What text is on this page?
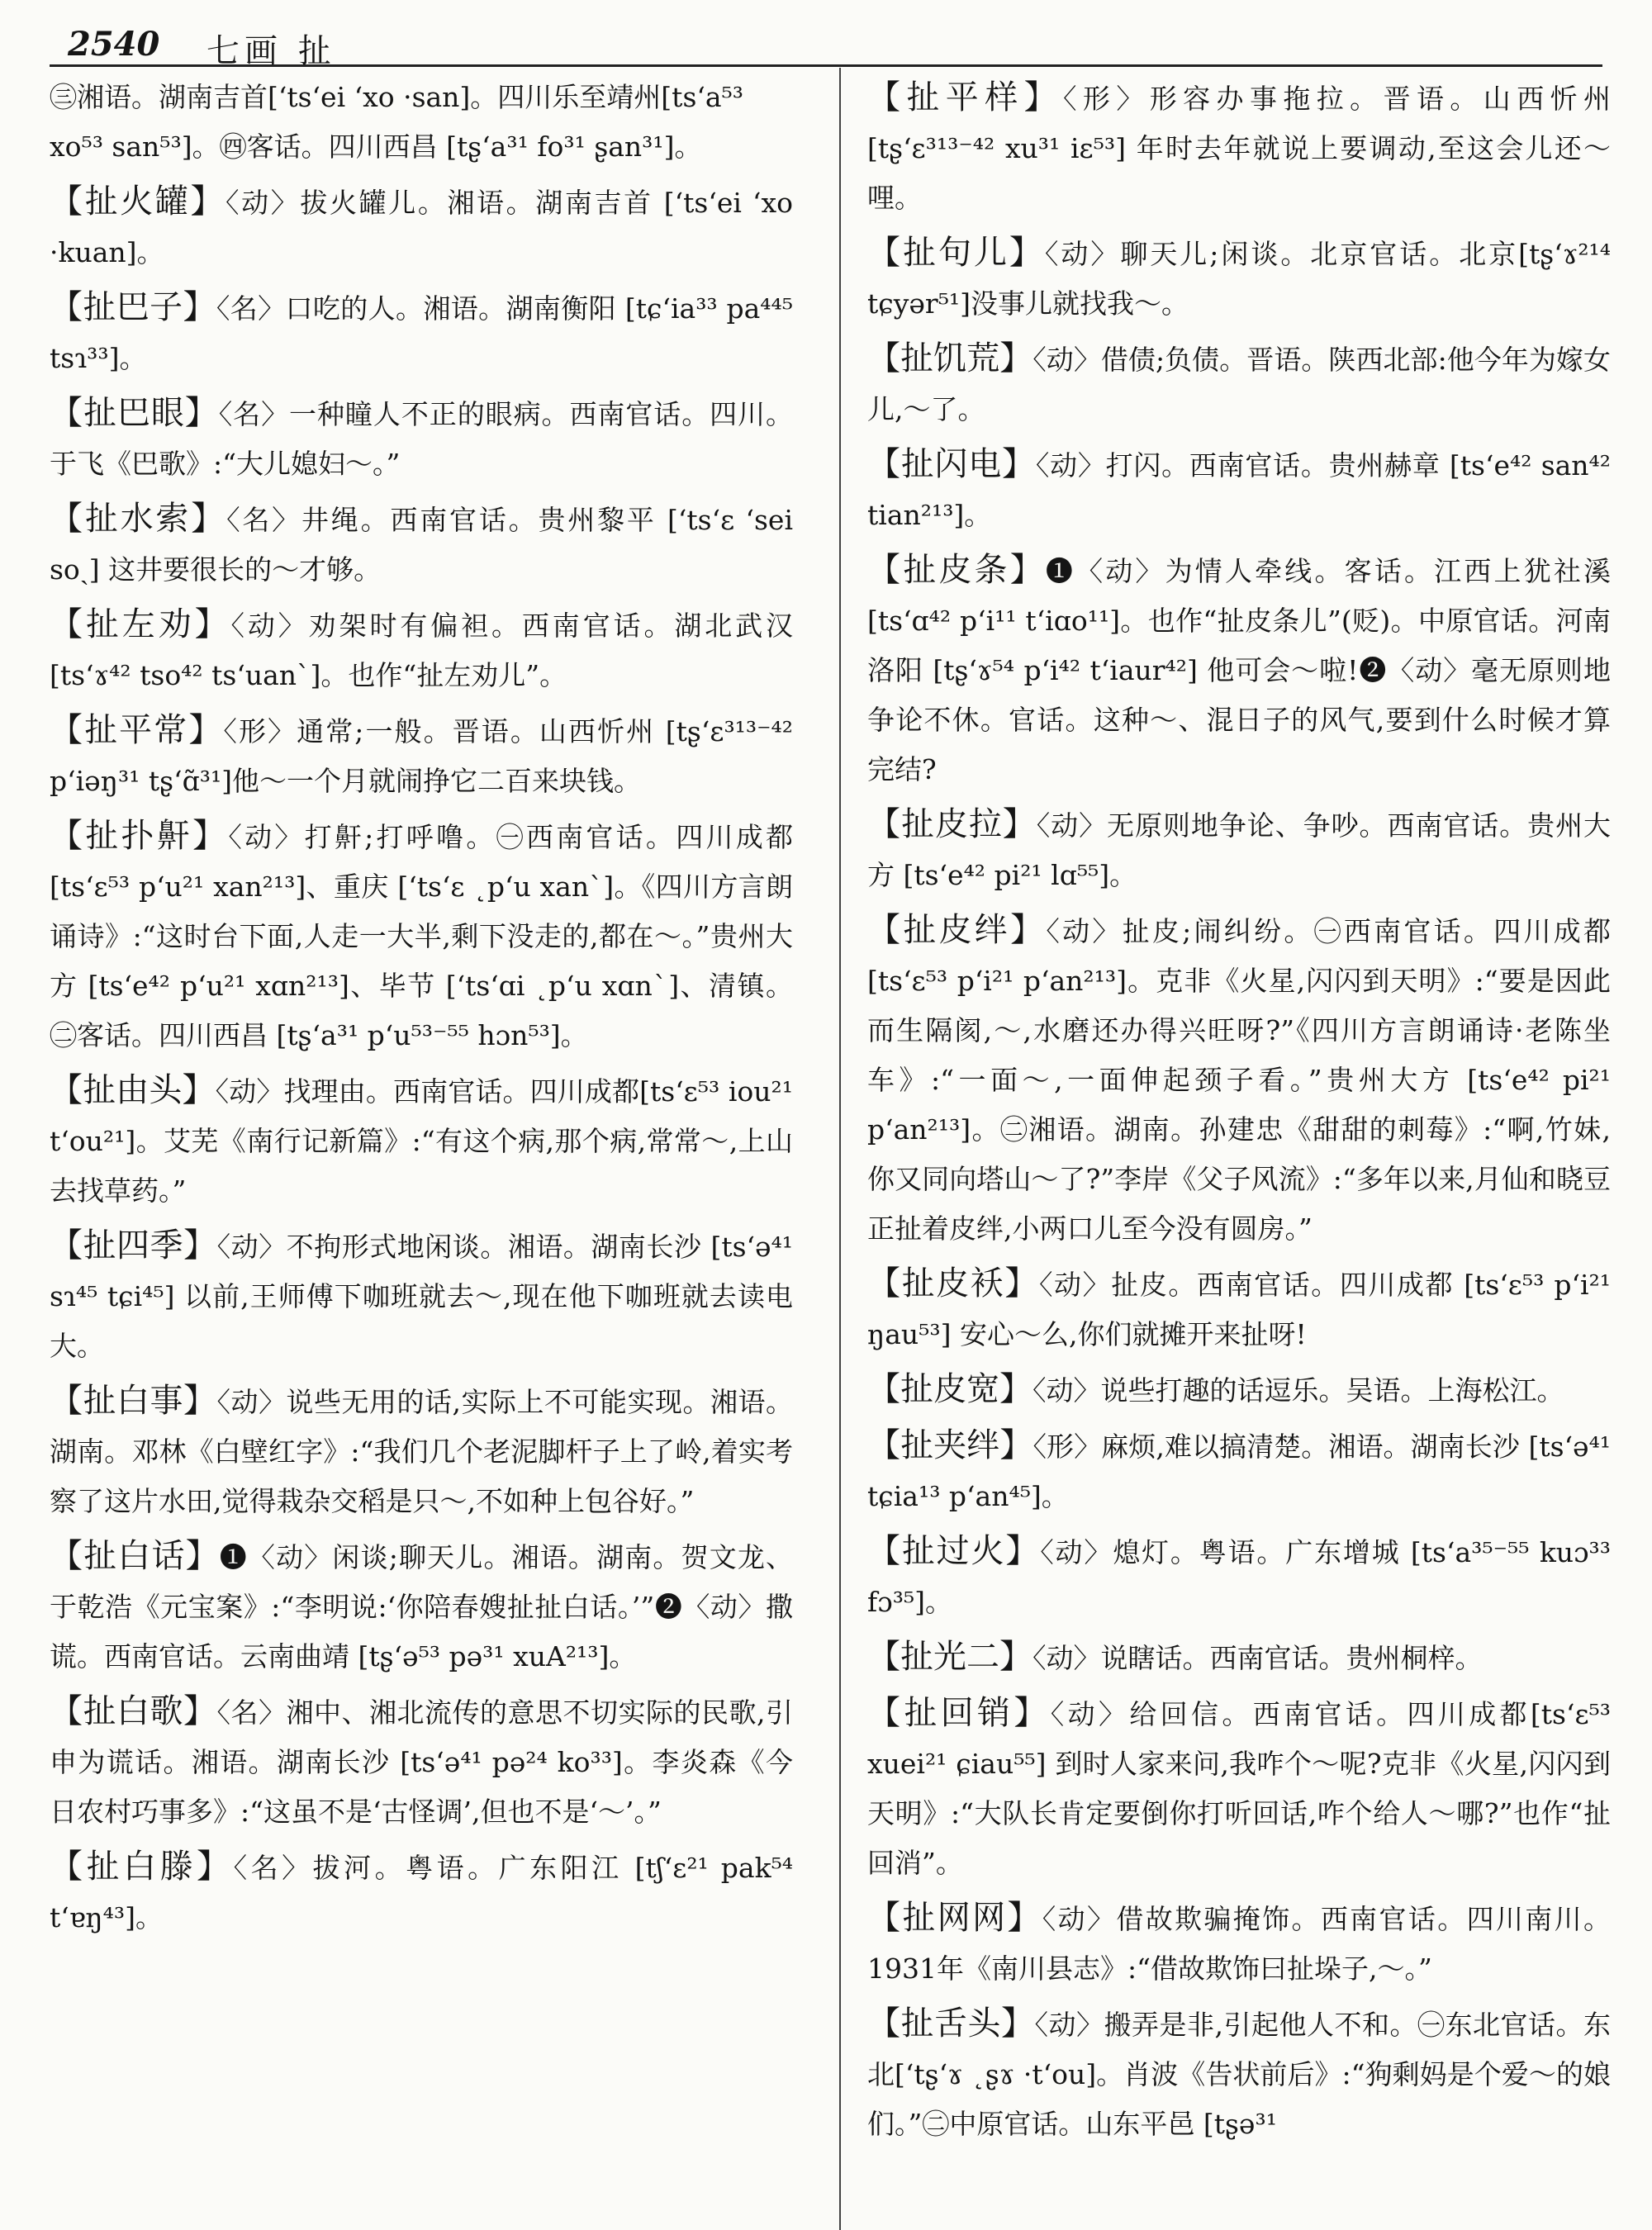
2540 七画 扯
㊂湘语。湖南吉首[ʻtsʻei ʻxo ·san]。四川乐至靖州[tsʻa⁵³ xo⁵³ san⁵³]。㊃客话。四川西昌 [tʂʻa³¹ fo³¹ ʂan³¹]。

【扯火罐】〈动〉拔火罐儿。湘语。湖南吉首 [ʻtsʻei ʻxo ·kuan]。

【扯巴子】〈名〉口吃的人。湘语。湖南衡阳 [tɕʻia³³ pa⁴⁴⁵ tsɿ³³]。

【扯巴眼】〈名〉一种瞳人不正的眼病。西南官话。四川。于飞《巴歌》:“大儿媳妇～。”

【扯水索】〈名〉井绳。西南官话。贵州黎平 [ʻtsʻɛ ʻsei soˎ] 这井要很长的～才够。

【扯左劝】〈动〉劝架时有偏袒。西南官话。湖北武汉 [tsʻɤ⁴² tso⁴² tsʻuanˋ]。也作“扯左劝儿”。

【扯平常】〈形〉通常;一般。晋语。山西忻州 [tʂʻɛ³¹³⁻⁴² pʻiəŋ³¹ tʂʻɑ̃³¹]他～一个月就闹挣它二百来块钱。

【扯扑鼾】〈动〉打鼾;打呼噜。㊀西南官话。四川成都 [tsʻɛ⁵³ pʻu²¹ xan²¹³]、重庆 [ʻtsʻɛ ˛pʻu xanˋ]。《四川方言朗诵诗》:“这时台下面,人走一大半,剩下没走的,都在～。”贵州大方 [tsʻe⁴² pʻu²¹ xɑn²¹³]、毕节 [ʻtsʻɑi ˛pʻu xɑnˋ]、清镇。㊁客话。四川西昌 [tʂʻa³¹ pʻu⁵³⁻⁵⁵ hɔn⁵³]。

【扯由头】〈动〉找理由。西南官话。四川成都[tsʻɛ⁵³ iou²¹ tʻou²¹]。艾芜《南行记新篇》:“有这个病,那个病,常常～,上山去找草药。”

【扯四季】〈动〉不拘形式地闲谈。湘语。湖南长沙 [tsʻə⁴¹ sɿ⁴⁵ tɕi⁴⁵] 以前,王师傅下咖班就去～,现在他下咖班就去读电大。

【扯白事】〈动〉说些无用的话,实际上不可能实现。湘语。湖南。邓林《白壁红字》:“我们几个老泥脚杆子上了岭,着实考察了这片水田,觉得栽杂交稻是只～,不如种上包谷好。”

【扯白话】❶〈动〉闲谈;聊天儿。湘语。湖南。贺文龙、于乾浩《元宝案》:“李明说:‘你陪春嫂扯扯白话。’”❷〈动〉撒谎。西南官话。云南曲靖 [tʂʻə⁵³ pə³¹ xuA²¹³]。

【扯白歌】〈名〉湘中、湘北流传的意思不切实际的民歌,引申为谎话。湘语。湖南长沙 [tsʻə⁴¹ pə²⁴ ko³³]。李炎森《今日农村巧事多》:“这虽不是‘古怪调’,但也不是‘～’。”

【扯白滕】〈名〉拔河。粤语。广东阳江 [tʃʻɛ²¹ pak⁵⁴ tʻɐŋ⁴³]。

【扯平样】〈形〉形容办事拖拉。晋语。山西忻州 [tʂʻɛ³¹³⁻⁴² xu³¹ iɛ⁵³] 年时去年就说上要调动,至这会儿还～哩。

【扯句儿】〈动〉聊天儿;闲谈。北京官话。北京[tʂʻɤ²¹⁴ tɕyər⁵¹]没事儿就找我～。

【扯饥荒】〈动〉借债;负债。晋语。陕西北部:他今年为嫁女儿,～了。

【扯闪电】〈动〉打闪。西南官话。贵州赫章 [tsʻe⁴² san⁴² tian²¹³]。

【扯皮条】❶〈动〉为情人牵线。客话。江西上犹社溪 [tsʻɑ⁴² pʻi¹¹ tʻiɑo¹¹]。也作“扯皮条儿”(贬)。中原官话。河南洛阳 [tʂʻɤ⁵⁴ pʻi⁴² tʻiaur⁴²] 他可会～啦!❷〈动〉毫无原则地争论不休。官话。这种～、混日子的风气,要到什么时候才算完结?

【扯皮拉】〈动〉无原则地争论、争吵。西南官话。贵州大方 [tsʻe⁴² pi²¹ lɑ⁵⁵]。

【扯皮绊】〈动〉扯皮;闹纠纷。㊀西南官话。四川成都 [tsʻɛ⁵³ pʻi²¹ pʻan²¹³]。克非《火星,闪闪到天明》:“要是因此而生隔阂,～,水磨还办得兴旺呀?”《四川方言朗诵诗·老陈坐车》:“一面～,一面伸起颈子看。”贵州大方 [tsʻe⁴² pi²¹ pʻan²¹³]。㊁湘语。湖南。孙建忠《甜甜的刺莓》:“啊,竹妹,你又同向塔山～了?”李岸《父子风流》:“多年以来,月仙和晓豆正扯着皮绊,小两口儿至今没有圆房。”

【扯皮袄】〈动〉扯皮。西南官话。四川成都 [tsʻɛ⁵³ pʻi²¹ ŋau⁵³] 安心～么,你们就摊开来扯呀!

【扯皮宽】〈动〉说些打趣的话逗乐。吴语。上海松江。

【扯夹绊】〈形〉麻烦,难以搞清楚。湘语。湖南长沙 [tsʻə⁴¹ tɕia¹³ pʻan⁴⁵]。

【扯过火】〈动〉熄灯。粤语。广东增城 [tsʻa³⁵⁻⁵⁵ kuɔ³³ fɔ³⁵]。

【扯光二】〈动〉说瞎话。西南官话。贵州桐梓。

【扯回销】〈动〉给回信。西南官话。四川成都[tsʻɛ⁵³ xuei²¹ ɕiau⁵⁵] 到时人家来问,我咋个～呢?克非《火星,闪闪到天明》:“大队长肯定要倒你打听回话,咋个给人～哪?”也作“扯回消”。

【扯网网】〈动〉借故欺骗掩饰。西南官话。四川南川。1931年《南川县志》:“借故欺饰曰扯垛子,～。”

【扯舌头】〈动〉搬弄是非,引起他人不和。㊀东北官话。东北[ʻtʂʻɤ ˛ʂɤ ·tʻou]。肖波《告状前后》:“狗剩妈是个爱～的娘们。”㊁中原官话。山东平邑 [tʂə³¹
